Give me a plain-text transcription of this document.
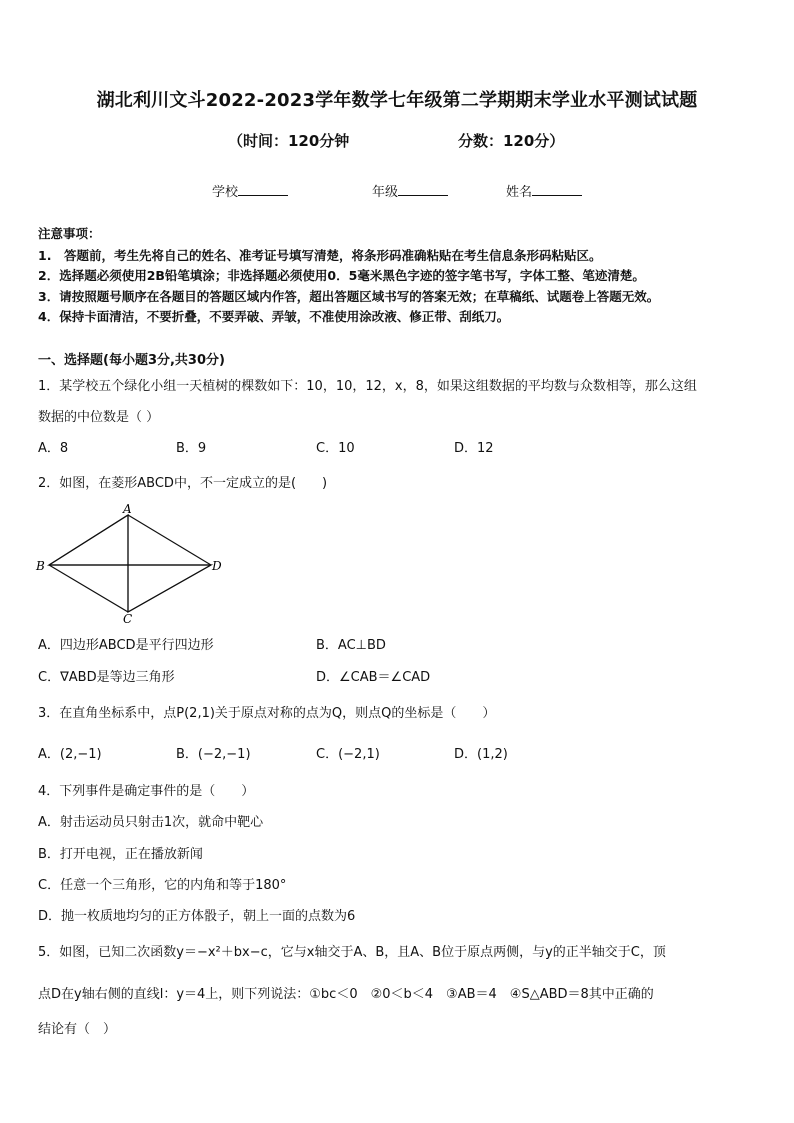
湖北利川文斗2022-2023学年数学七年级第二学期期末学业水平测试试题
（时间：120分钟	分数：120分）
学校	年级	姓名
注意事项：
1.　答题前，考生先将自己的姓名、准考证号填写清楚，将条形码准确粘贴在考生信息条形码粘贴区。
2．选择题必须使用2B铅笔填涂；非选择题必须使用0．5毫米黑色字迹的签字笔书写，字体工整、笔迹清楚。
3．请按照题号顺序在各题目的答题区域内作答，超出答题区域书写的答案无效；在草稿纸、试题卷上答题无效。
4．保持卡面清洁，不要折叠，不要弄破、弄皱，不准使用涂改液、修正带、刮纸刀。
一、选择题(每小题3分,共30分)
1．某学校五个绿化小组一天植树的棵数如下：10，10，12，x，8，如果这组数据的平均数与众数相等，那么这组
数据的中位数是（ ）
A．8	B．9	C．10	D．12
2．如图，在菱形ABCD中，不一定成立的是(　　)
A
B
C
D
A．四边形ABCD是平行四边形	B．AC⊥BD
C．∇ABD是等边三角形	D．∠CAB＝∠CAD
3．在直角坐标系中，点P(2,1)关于原点对称的点为Q，则点Q的坐标是（　　）
A．(2,−1)	B．(−2,−1)	C．(−2,1)	D．(1,2)
4．下列事件是确定事件的是（　　）
A．射击运动员只射击1次，就命中靶心
B．打开电视，正在播放新闻
C．任意一个三角形，它的内角和等于180°
D．抛一枚质地均匀的正方体骰子，朝上一面的点数为6
5．如图，已知二次函数y＝−x²＋bx−c，它与x轴交于A、B，且A、B位于原点两侧，与y的正半轴交于C，顶
点D在y轴右侧的直线l：y＝4上，则下列说法：①bc＜0　②0＜b＜4　③AB＝4　④S△ABD＝8其中正确的
结论有（　）
